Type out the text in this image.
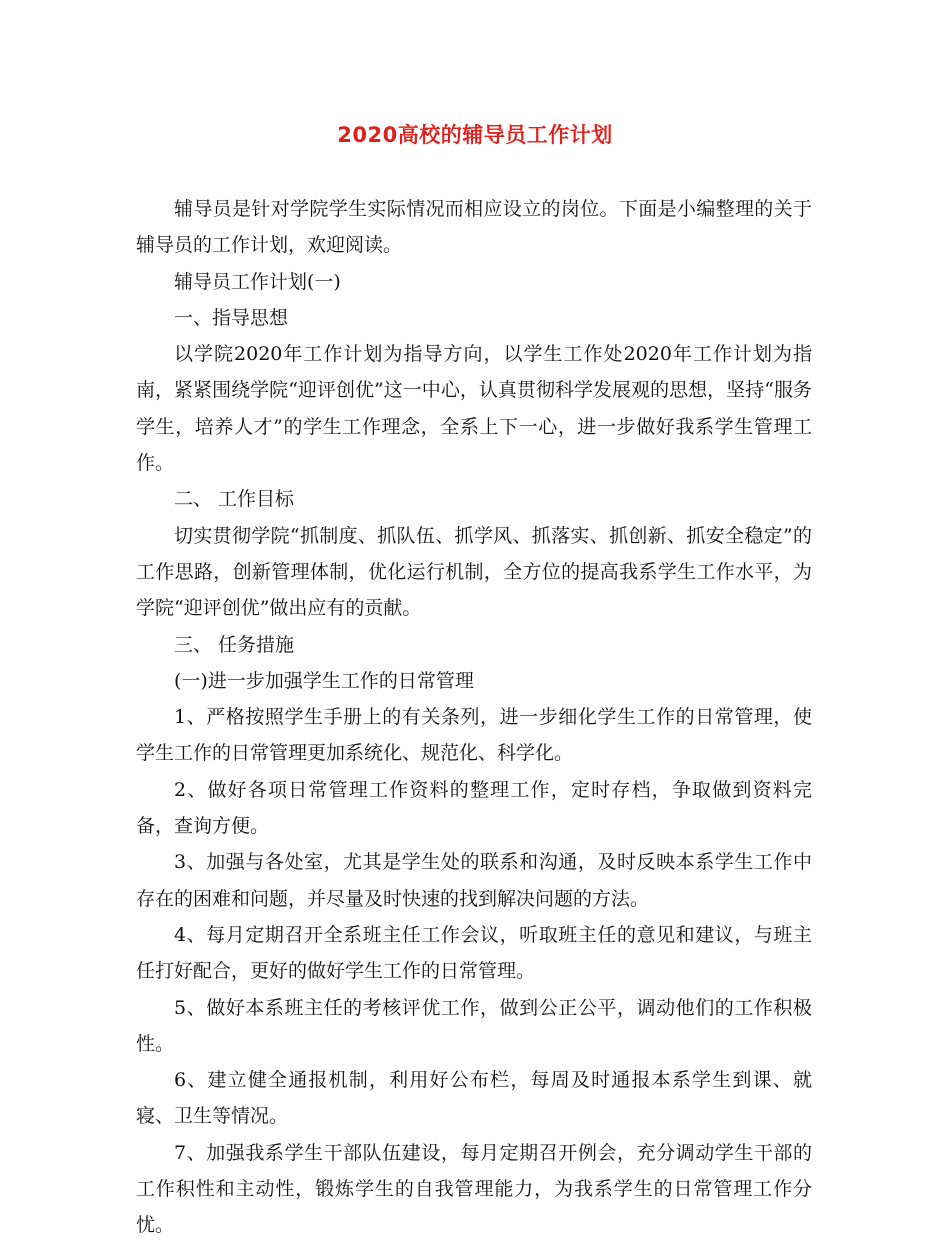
2020高校的辅导员工作计划

辅导员是针对学院学生实际情况而相应设立的岗位。下面是小编整理的关于辅导员的工作计划，欢迎阅读。

辅导员工作计划(一)

一、指导思想

以学院2020年工作计划为指导方向，以学生工作处2020年工作计划为指南，紧紧围绕学院“迎评创优”这一中心，认真贯彻科学发展观的思想，坚持“服务学生，培养人才”的学生工作理念，全系上下一心，进一步做好我系学生管理工作。

二、 工作目标

切实贯彻学院“抓制度、抓队伍、抓学风、抓落实、抓创新、抓安全稳定”的工作思路，创新管理体制，优化运行机制，全方位的提高我系学生工作水平，为学院“迎评创优”做出应有的贡献。

三、 任务措施

(一)进一步加强学生工作的日常管理

1、严格按照学生手册上的有关条列，进一步细化学生工作的日常管理，使学生工作的日常管理更加系统化、规范化、科学化。

2、做好各项日常管理工作资料的整理工作，定时存档，争取做到资料完备，查询方便。

3、加强与各处室，尤其是学生处的联系和沟通，及时反映本系学生工作中存在的困难和问题，并尽量及时快速的找到解决问题的方法。

4、每月定期召开全系班主任工作会议，听取班主任的意见和建议，与班主任打好配合，更好的做好学生工作的日常管理。

5、做好本系班主任的考核评优工作，做到公正公平，调动他们的工作积极性。

6、建立健全通报机制，利用好公布栏，每周及时通报本系学生到课、就寝、卫生等情况。

7、加强我系学生干部队伍建设，每月定期召开例会，充分调动学生干部的工作积性和主动性，锻炼学生的自我管理能力，为我系学生的日常管理工作分忧。
